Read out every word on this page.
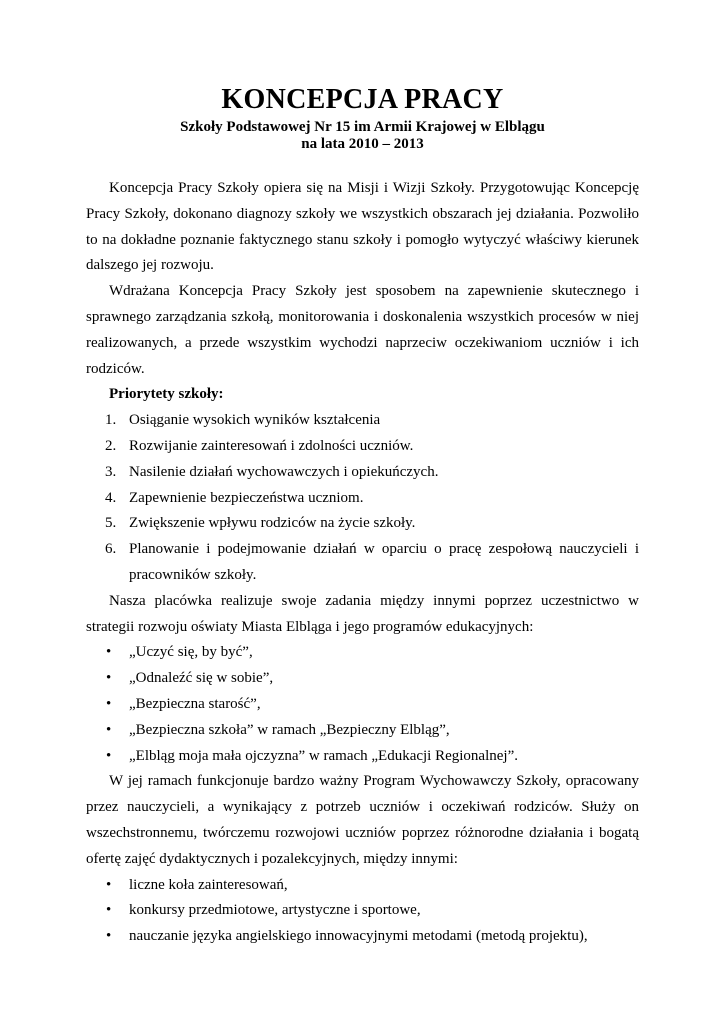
KONCEPCJA PRACY
Szkoły Podstawowej Nr 15 im Armii Krajowej w Elblągu
na lata 2010 – 2013

Koncepcja Pracy Szkoły opiera się na Misji i Wizji Szkoły. Przygotowując Koncepcję Pracy Szkoły, dokonano diagnozy szkoły we wszystkich obszarach jej działania. Pozwoliło to na dokładne poznanie faktycznego stanu szkoły i pomogło wytyczyć właściwy kierunek dalszego jej rozwoju.

Wdrażana Koncepcja Pracy Szkoły jest sposobem na zapewnienie skutecznego i sprawnego zarządzania szkołą, monitorowania i doskonalenia wszystkich procesów w niej realizowanych, a przede wszystkim wychodzi naprzeciw oczekiwaniom uczniów i ich rodziców.

Priorytety szkoły:
1. Osiąganie wysokich wyników kształcenia
2. Rozwijanie zainteresowań i zdolności uczniów.
3. Nasilenie działań wychowawczych i opiekuńczych.
4. Zapewnienie bezpieczeństwa uczniom.
5. Zwiększenie wpływu rodziców na życie szkoły.
6. Planowanie i podejmowanie działań w oparciu o pracę zespołową nauczycieli i pracowników szkoły.

Nasza placówka realizuje swoje zadania między innymi poprzez uczestnictwo w strategii rozwoju oświaty Miasta Elbląga i jego programów edukacyjnych:

• „Uczyć się, by być”,
• „Odnaleźć się w sobie”,
• „Bezpieczna starość”,
• „Bezpieczna szkoła” w ramach „Bezpieczny Elbląg”,
• „Elbląg moja mała ojczyzna” w ramach „Edukacji Regionalnej”.

W jej ramach funkcjonuje bardzo ważny Program Wychowawczy Szkoły, opracowany przez nauczycieli, a wynikający z potrzeb uczniów i oczekiwań rodziców. Służy on wszechstronnemu, twórczemu rozwojowi uczniów poprzez różnorodne działania i bogatą ofertę zajęć dydaktycznych i pozalekcyjnych, między innymi:

• liczne koła zainteresowań,
• konkursy przedmiotowe, artystyczne i sportowe,
• nauczanie języka angielskiego innowacyjnymi metodami (metodą projektu),
